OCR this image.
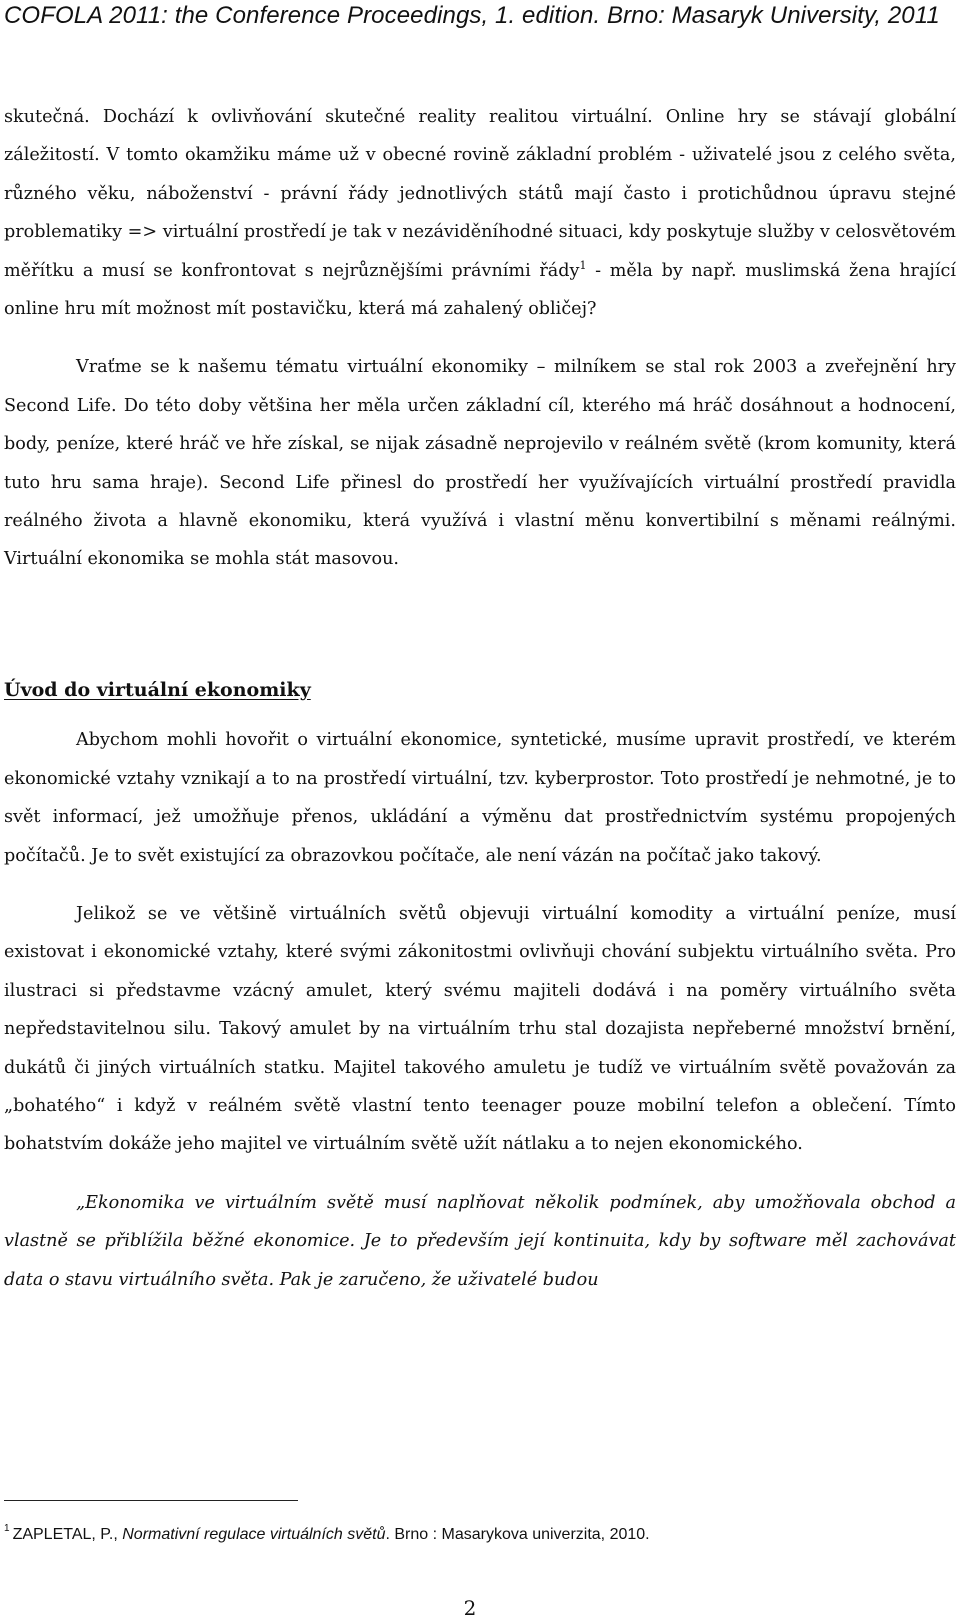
COFOLA 2011: the Conference Proceedings, 1. edition. Brno: Masaryk University, 2011

skutečná. Dochází k ovlivňování skutečné reality realitou virtuální. Online hry se stávají globální záležitostí. V tomto okamžiku máme už v obecné rovině základní problém - uživatelé jsou z celého světa, různého věku, náboženství - právní řády jednotlivých států mají často i protichůdnou úpravu stejné problematiky => virtuální prostředí je tak v nezáviděníhodné situaci, kdy poskytuje služby v celosvětovém měřítku a musí se konfrontovat s nejrůznějšími právními řády$^1$ - měla by např. muslimská žena hrající online hru mít možnost mít postavičku, která má zahalený obličej?

Vraťme se k našemu tématu virtuální ekonomiky – milníkem se stal rok 2003 a zveřejnění hry Second Life. Do této doby většina her měla určen základní cíl, kterého má hráč dosáhnout a hodnocení, body, peníze, které hráč ve hře získal, se nijak zásadně neprojevilo v reálném světě (krom komunity, která tuto hru sama hraje). Second Life přinesl do prostředí her využívajících virtuální prostředí pravidla reálného života a hlavně ekonomiku, která využívá i vlastní měnu konvertibilní s měnami reálnými. Virtuální ekonomika se mohla stát masovou.

Úvod do virtuální ekonomiky

Abychom mohli hovořit o virtuální ekonomice, syntetické, musíme upravit prostředí, ve kterém ekonomické vztahy vznikají a to na prostředí virtuální, tzv. kyberprostor. Toto prostředí je nehmotné, je to svět informací, jež umožňuje přenos, ukládání a výměnu dat prostřednictvím systému propojených počítačů. Je to svět existující za obrazovkou počítače, ale není vázán na počítač jako takový.

Jelikož se ve většině virtuálních světů objevuji virtuální komodity a virtuální peníze, musí existovat i ekonomické vztahy, které svými zákonitostmi ovlivňuji chování subjektu virtuálního světa. Pro ilustraci si představme vzácný amulet, který svému majiteli dodává i na poměry virtuálního světa nepředstavitelnou silu. Takový amulet by na virtuálním trhu stal dozajista nepřeberné množství brnění, dukátů či jiných virtuálních statku. Majitel takového amuletu je tudíž ve virtuálním světě považován za „bohatého“ i když v reálném světě vlastní tento teenager pouze mobilní telefon a oblečení. Tímto bohatstvím dokáže jeho majitel ve virtuálním světě užít nátlaku a to nejen ekonomického.

„Ekonomika ve virtuálním světě musí naplňovat několik podmínek, aby umožňovala obchod a vlastně se přiblížila běžné ekonomice. Je to především její kontinuita, kdy by software měl zachovávat data o stavu virtuálního světa. Pak je zaručeno, že uživatelé budou

$^1$ ZAPLETAL, P., Normativní regulace virtuálních světů. Brno : Masarykova univerzita, 2010.
2
